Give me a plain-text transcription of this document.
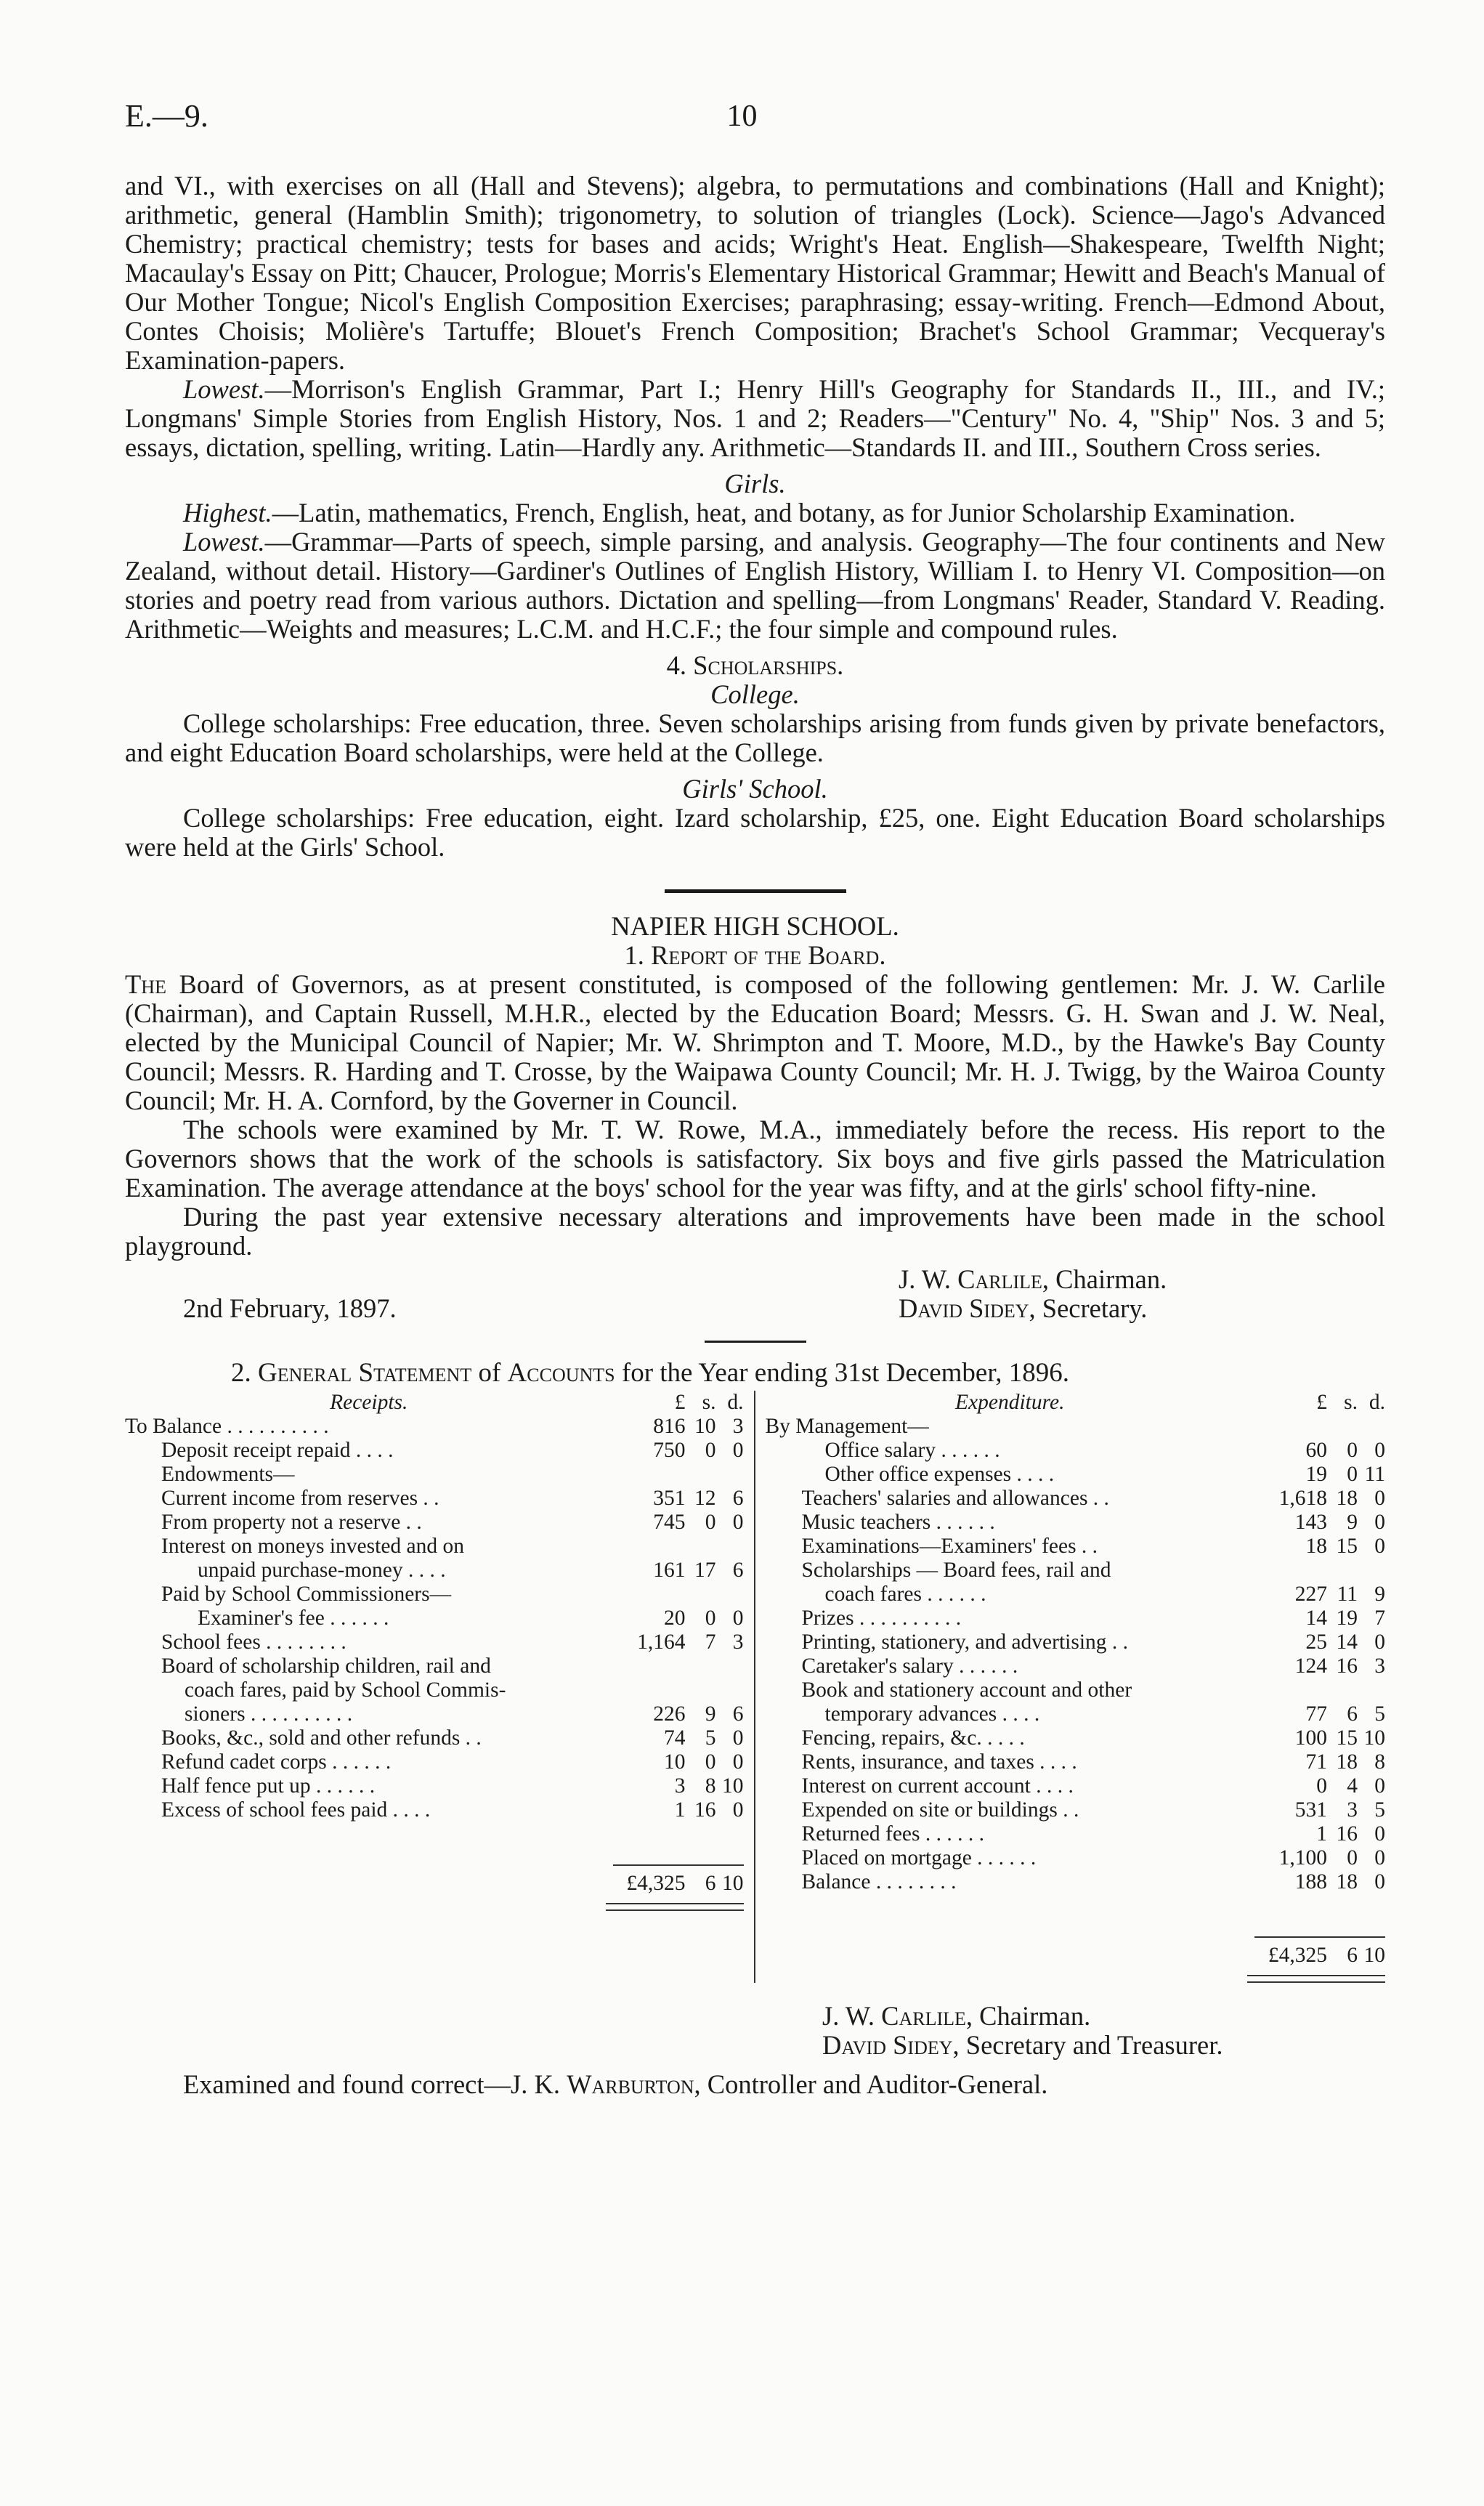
E.—9.	10

and VI., with exercises on all (Hall and Stevens); algebra, to permutations and combinations (Hall and Knight); arithmetic, general (Hamblin Smith); trigonometry, to solution of triangles (Lock). Science—Jago's Advanced Chemistry; practical chemistry; tests for bases and acids; Wright's Heat. English—Shakespeare, Twelfth Night; Macaulay's Essay on Pitt; Chaucer, Prologue; Morris's Elementary Historical Grammar; Hewitt and Beach's Manual of Our Mother Tongue; Nicol's English Composition Exercises; paraphrasing; essay-writing. French—Edmond About, Contes Choisis; Molière's Tartuffe; Blouet's French Composition; Brachet's School Grammar; Vecqueray's Examination-papers.

Lowest.—Morrison's English Grammar, Part I.; Henry Hill's Geography for Standards II., III., and IV.; Longmans' Simple Stories from English History, Nos. 1 and 2; Readers—"Century" No. 4, "Ship" Nos. 3 and 5; essays, dictation, spelling, writing. Latin—Hardly any. Arithmetic—Standards II. and III., Southern Cross series.

Girls.

Highest.—Latin, mathematics, French, English, heat, and botany, as for Junior Scholarship Examination.

Lowest.—Grammar—Parts of speech, simple parsing, and analysis. Geography—The four continents and New Zealand, without detail. History—Gardiner's Outlines of English History, William I. to Henry VI. Composition—on stories and poetry read from various authors. Dictation and spelling—from Longmans' Reader, Standard V. Reading. Arithmetic—Weights and measures; L.C.M. and H.C.F.; the four simple and compound rules.

4. Scholarships.

College.

College scholarships: Free education, three. Seven scholarships arising from funds given by private benefactors, and eight Education Board scholarships, were held at the College.

Girls' School.

College scholarships: Free education, eight. Izard scholarship, £25, one. Eight Education Board scholarships were held at the Girls' School.

NAPIER HIGH SCHOOL.

1. Report of the Board.

The Board of Governors, as at present constituted, is composed of the following gentlemen: Mr. J. W. Carlile (Chairman), and Captain Russell, M.H.R., elected by the Education Board; Messrs. G. H. Swan and J. W. Neal, elected by the Municipal Council of Napier; Mr. W. Shrimpton and T. Moore, M.D., by the Hawke's Bay County Council; Messrs. R. Harding and T. Crosse, by the Waipawa County Council; Mr. H. J. Twigg, by the Wairoa County Council; Mr. H. A. Cornford, by the Governer in Council.

The schools were examined by Mr. T. W. Rowe, M.A., immediately before the recess. His report to the Governors shows that the work of the schools is satisfactory. Six boys and five girls passed the Matriculation Examination. The average attendance at the boys' school for the year was fifty, and at the girls' school fifty-nine.

During the past year extensive necessary alterations and improvements have been made in the school playground.

2nd February, 1897.
J. W. Carlile, Chairman.
David Sidey, Secretary.

2. General Statement of Accounts for the Year ending 31st December, 1896.

Receipts.	£ s. d.
To Balance . . . . . . . . . .	816 10 3
Deposit receipt repaid . . . .	750 0 0
Endowments—
Current income from reserves . .	351 12 6
From property not a reserve . .	745 0 0
Interest on moneys invested and on
unpaid purchase-money . . . .	161 17 6
Paid by School Commissioners—
Examiner's fee . . . . . .	20 0 0
School fees . . . . . . . .	1,164 7 3
Board of scholarship children, rail and
coach fares, paid by School Commis-
sioners . . . . . . . . . .	226 9 6
Books, &c., sold and other refunds . .	74 5 0
Refund cadet corps . . . . . .	10 0 0
Half fence put up . . . . . .	3 8 10
Excess of school fees paid . . . .	1 16 0
£4,325 6 10
Expenditure.	£ s. d.
By Management—
Office salary . . . . . .	60 0 0
Other office expenses . . . .	19 0 11
Teachers' salaries and allowances . .	1,618 18 0
Music teachers . . . . . .	143 9 0
Examinations—Examiners' fees . .	18 15 0
Scholarships — Board fees, rail and
coach fares . . . . . .	227 11 9
Prizes . . . . . . . . . .	14 19 7
Printing, stationery, and advertising . .	25 14 0
Caretaker's salary . . . . . .	124 16 3
Book and stationery account and other
temporary advances . . . .	77 6 5
Fencing, repairs, &c. . . . .	100 15 10
Rents, insurance, and taxes . . . .	71 18 8
Interest on current account . . . .	0 4 0
Expended on site or buildings . .	531 3 5
Returned fees . . . . . .	1 16 0
Placed on mortgage . . . . . .	1,100 0 0
Balance . . . . . . . .	188 18 0
£4,325 6 10
J. W. Carlile, Chairman.
David Sidey, Secretary and Treasurer.

Examined and found correct—J. K. Warburton, Controller and Auditor-General.
